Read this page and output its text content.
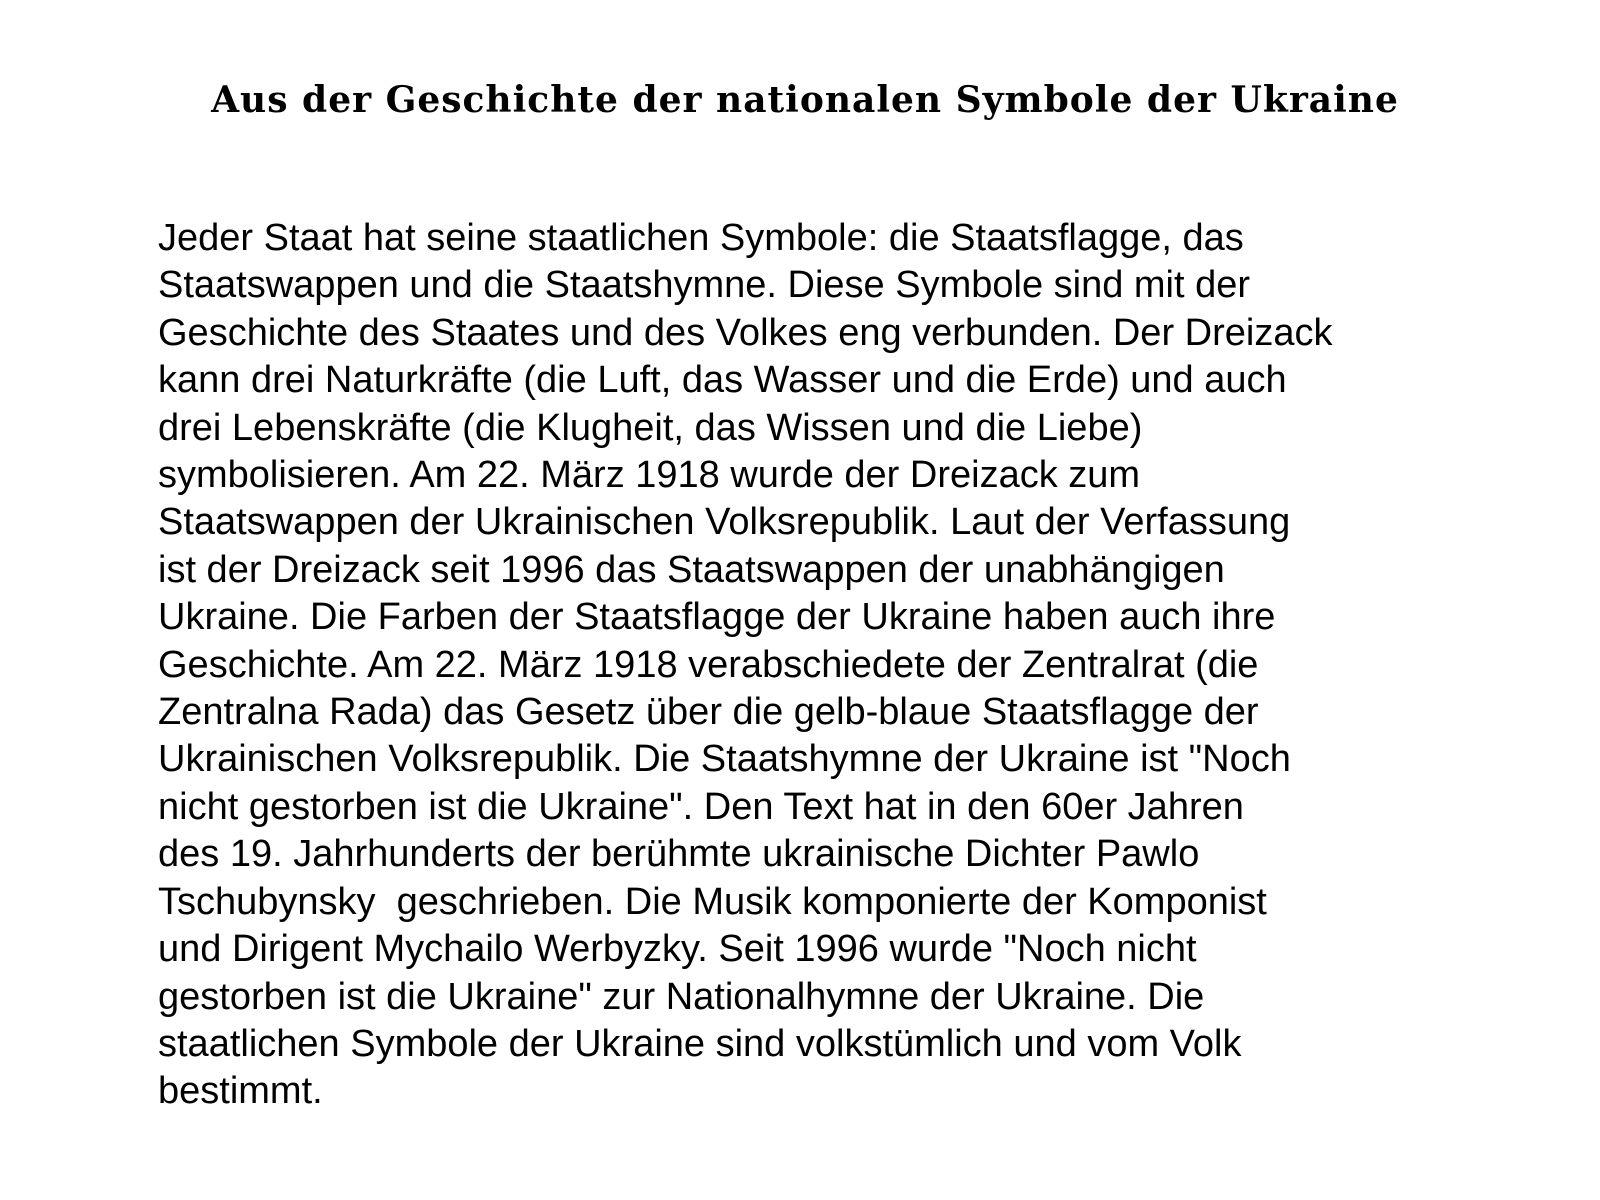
Aus der Geschichte der nationalen Symbole der Ukraine
Jeder Staat hat seine staatlichen Symbole: die Staatsflagge, das
Staatswappen und die Staatshymne. Diese Symbole sind mit der
Geschichte des Staates und des Volkes eng verbunden. Der Dreizack
kann drei Naturkräfte (die Luft, das Wasser und die Erde) und auch
drei Lebenskräfte (die Klugheit, das Wissen und die Liebe)
symbolisieren. Am 22. März 1918 wurde der Dreizack zum
Staatswappen der Ukrainischen Volksrepublik. Laut der Verfassung
ist der Dreizack seit 1996 das Staatswappen der unabhängigen
Ukraine. Die Farben der Staatsflagge der Ukraine haben auch ihre
Geschichte. Am 22. März 1918 verabschiedete der Zentralrat (die
Zentralna Rada) das Gesetz über die gelb-blaue Staatsflagge der
Ukrainischen Volksrepublik. Die Staatshymne der Ukraine ist "Noch
nicht gestorben ist die Ukraine". Den Text hat in den 60er Jahren
des 19. Jahrhunderts der berühmte ukrainische Dichter Pawlo
Tschubynsky  geschrieben. Die Musik komponierte der Komponist
und Dirigent Mychailo Werbyzky. Seit 1996 wurde "Noch nicht
gestorben ist die Ukraine" zur Nationalhymne der Ukraine. Die
staatlichen Symbole der Ukraine sind volkstümlich und vom Volk
bestimmt.
